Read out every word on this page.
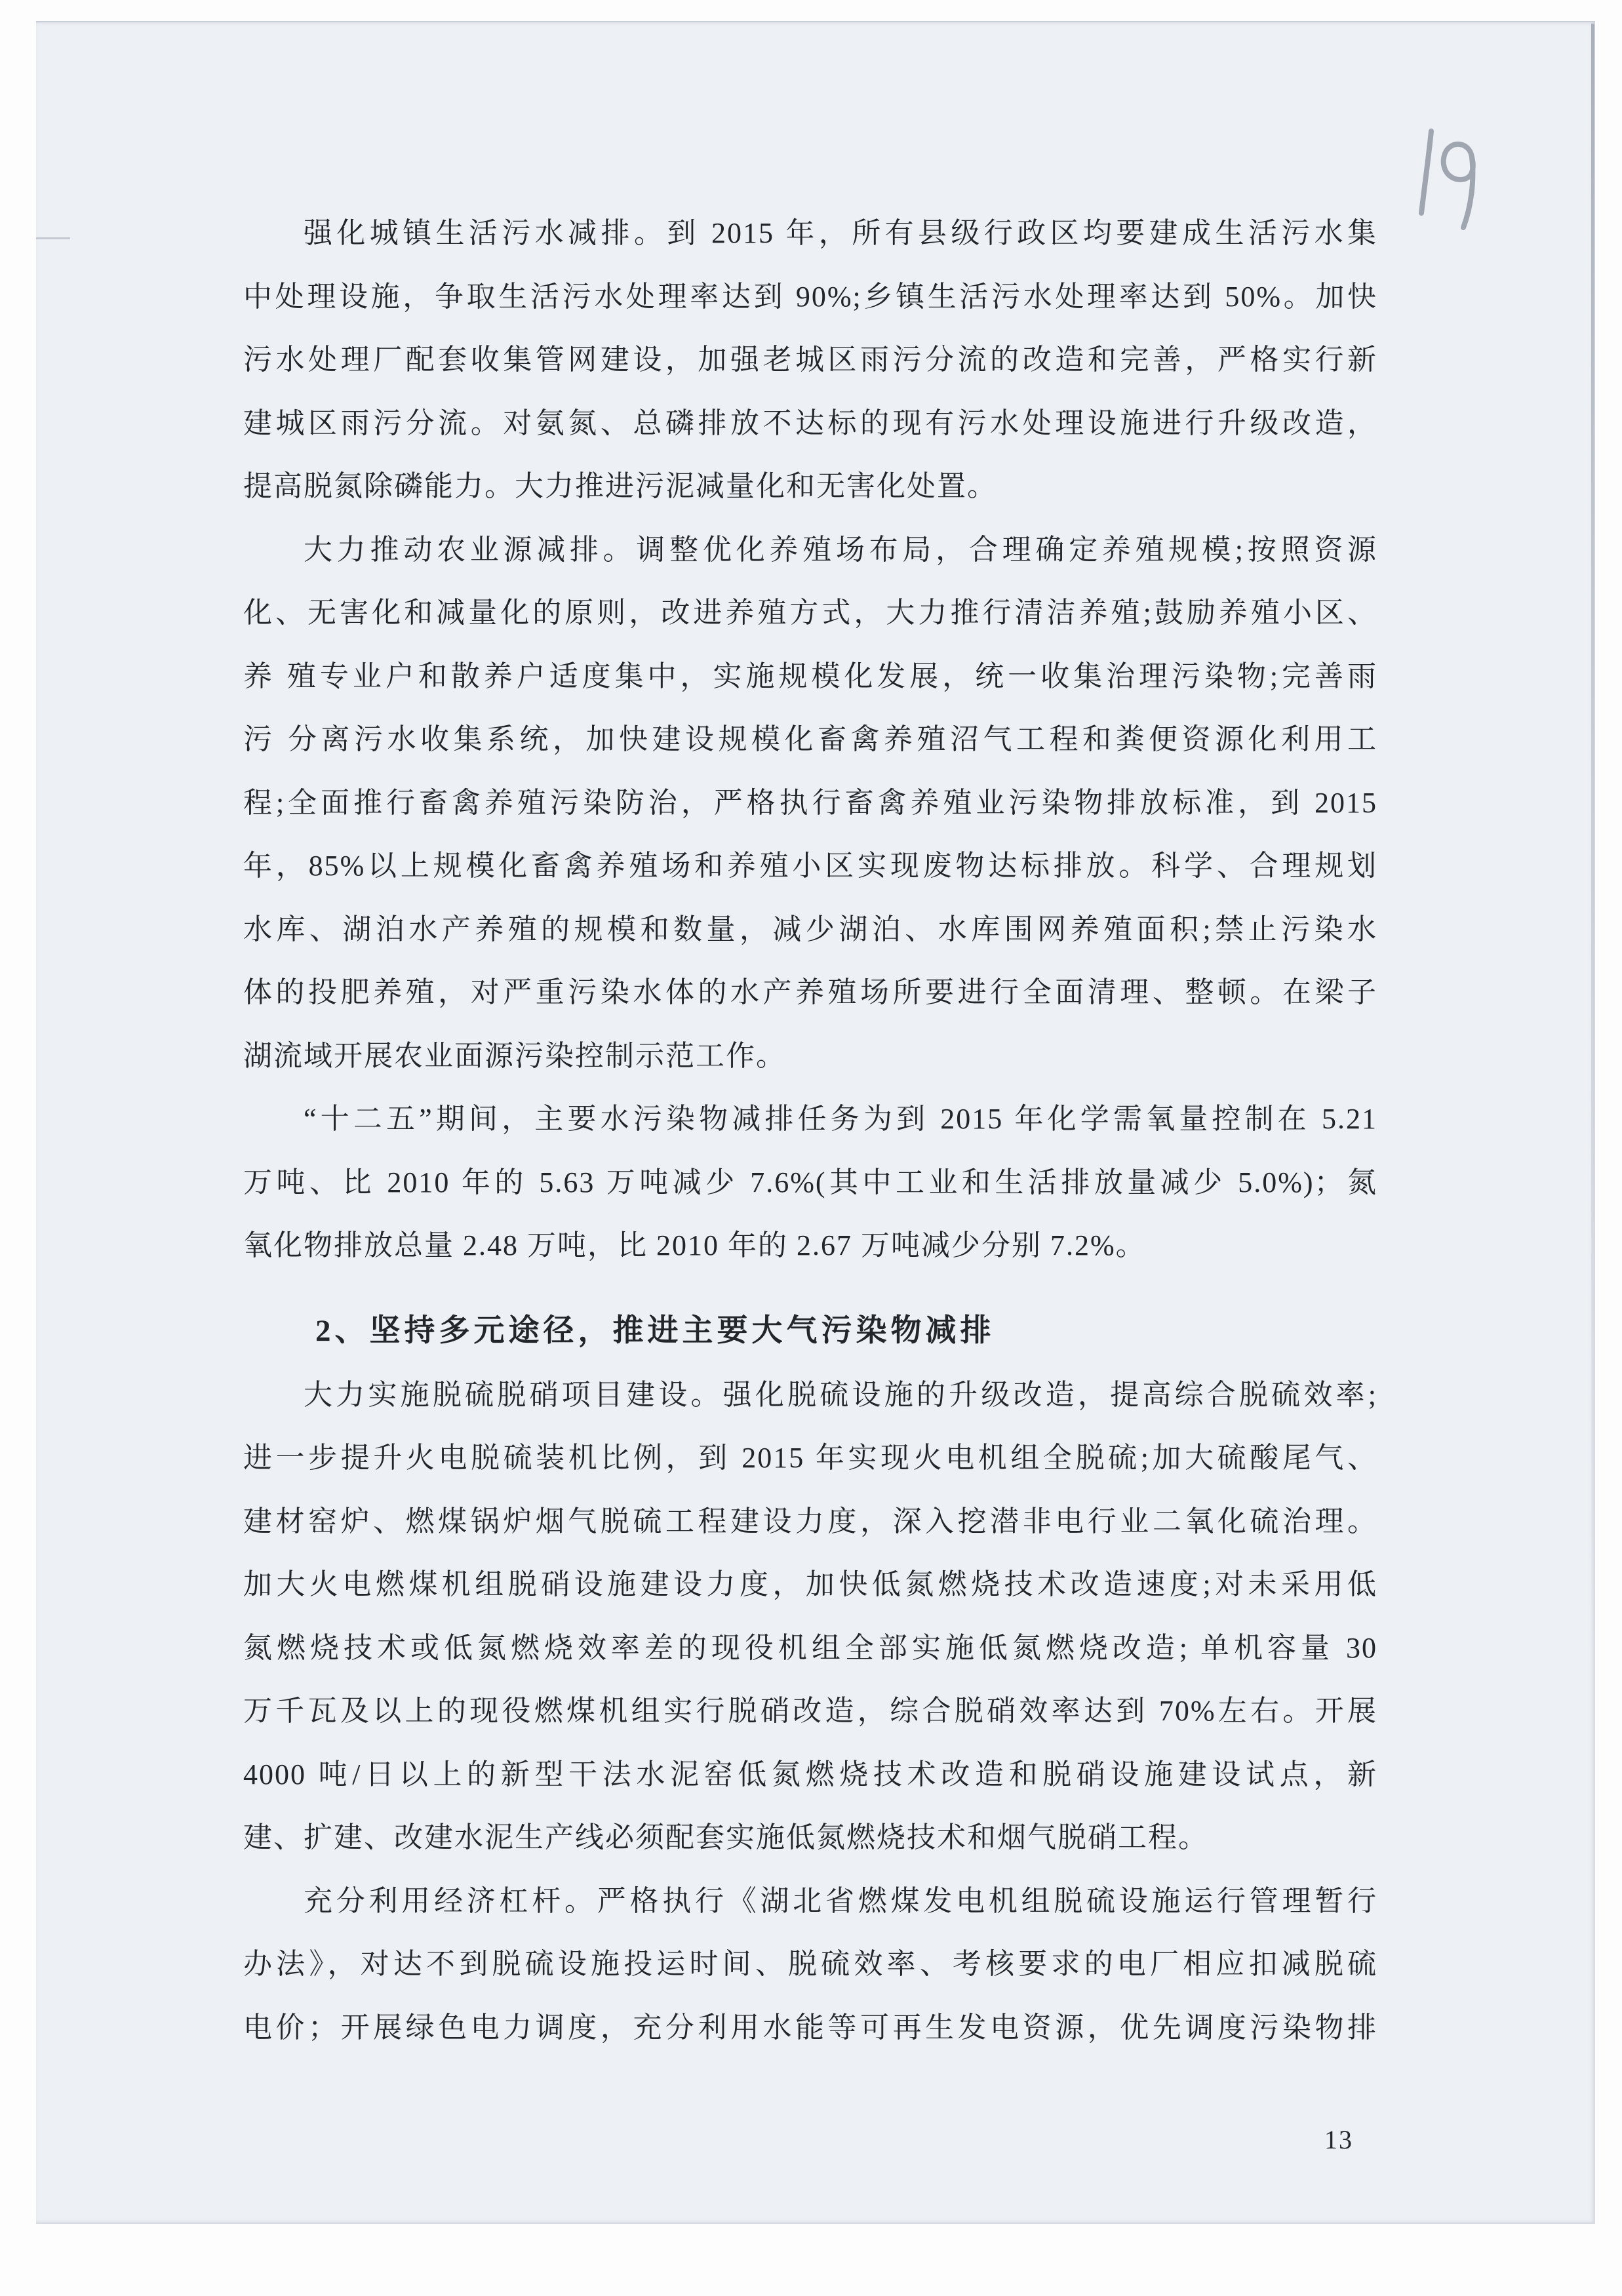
强化城镇生活污水减排。到 2015 年，所有县级行政区均要建成生活污水集
中处理设施，争取生活污水处理率达到 90%;乡镇生活污水处理率达到 50%。加快
污水处理厂配套收集管网建设，加强老城区雨污分流的改造和完善，严格实行新
建城区雨污分流。对氨氮、总磷排放不达标的现有污水处理设施进行升级改造，
提高脱氮除磷能力。大力推进污泥减量化和无害化处置。
大力推动农业源减排。调整优化养殖场布局，合理确定养殖规模;按照资源
化、无害化和减量化的原则，改进养殖方式，大力推行清洁养殖;鼓励养殖小区、
养 殖专业户和散养户适度集中，实施规模化发展，统一收集治理污染物;完善雨
污 分离污水收集系统，加快建设规模化畜禽养殖沼气工程和粪便资源化利用工
程;全面推行畜禽养殖污染防治，严格执行畜禽养殖业污染物排放标准，到 2015
年，85%以上规模化畜禽养殖场和养殖小区实现废物达标排放。科学、合理规划
水库、湖泊水产养殖的规模和数量，减少湖泊、水库围网养殖面积;禁止污染水
体的投肥养殖，对严重污染水体的水产养殖场所要进行全面清理、整顿。在梁子
湖流域开展农业面源污染控制示范工作。
“十二五”期间，主要水污染物减排任务为到 2015 年化学需氧量控制在 5.21
万吨、比 2010 年的 5.63 万吨减少 7.6%(其中工业和生活排放量减少 5.0%)；氮
氧化物排放总量 2.48 万吨，比 2010 年的 2.67 万吨减少分别 7.2%。
2、坚持多元途径，推进主要大气污染物减排
大力实施脱硫脱硝项目建设。强化脱硫设施的升级改造，提高综合脱硫效率;
进一步提升火电脱硫装机比例，到 2015 年实现火电机组全脱硫;加大硫酸尾气、
建材窑炉、燃煤锅炉烟气脱硫工程建设力度，深入挖潜非电行业二氧化硫治理。
加大火电燃煤机组脱硝设施建设力度，加快低氮燃烧技术改造速度;对未采用低
氮燃烧技术或低氮燃烧效率差的现役机组全部实施低氮燃烧改造; 单机容量 30
万千瓦及以上的现役燃煤机组实行脱硝改造，综合脱硝效率达到 70%左右。开展
4000 吨/日以上的新型干法水泥窑低氮燃烧技术改造和脱硝设施建设试点，新
建、扩建、改建水泥生产线必须配套实施低氮燃烧技术和烟气脱硝工程。
充分利用经济杠杆。严格执行《湖北省燃煤发电机组脱硫设施运行管理暂行
办法》，对达不到脱硫设施投运时间、脱硫效率、考核要求的电厂相应扣减脱硫
电价；开展绿色电力调度，充分利用水能等可再生发电资源，优先调度污染物排
13
